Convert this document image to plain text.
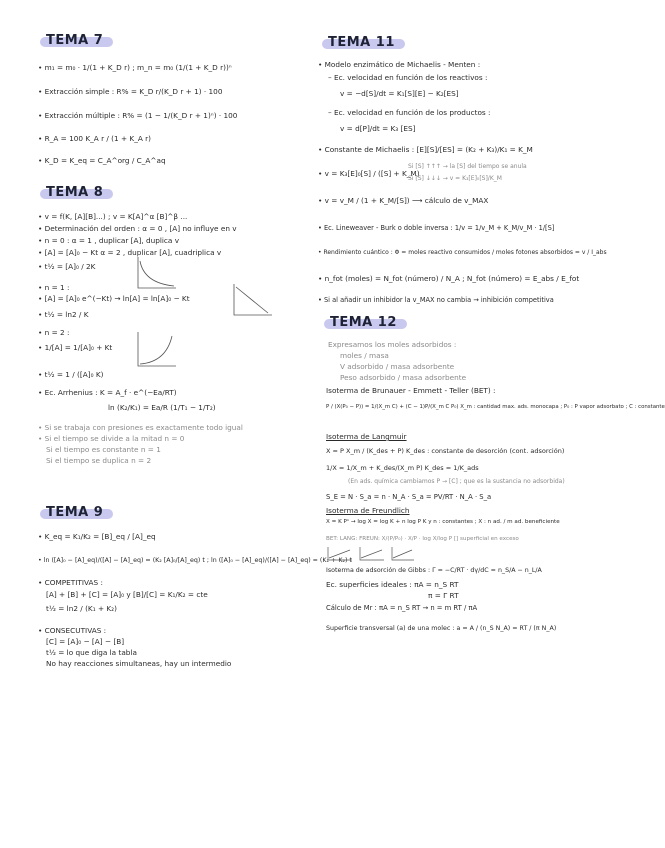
TEMA 7
• m₁ = m₀ · 1/(1 + K_D r) ; m_n = m₀ (1/(1 + K_D r))ⁿ
• Extracción simple : R% = K_D r/(K_D r + 1) · 100
• Extracción múltiple : R% = (1 − 1/(K_D r + 1)ⁿ) · 100
• R_A = 100 K_A r / (1 + K_A r)
• K_D = K_eq = C_A^org / C_A^aq
TEMA 8
• v = f(K, [A][B]...) ; v = K[A]^α [B]^β ...
• Determinación del orden : α = 0 , [A] no influye en v
• n = 0 : α = 1 , duplicar [A], duplica v
• [A] = [A]₀ − Kt α = 2 , duplicar [A], cuadriplica v
• t½ = [A]₀ / 2K
• n = 1 :
• [A] = [A]₀ e^(−Kt) → ln[A] = ln[A]₀ − Kt
• t½ = ln2 / K
• n = 2 :
• 1/[A] = 1/[A]₀ + Kt
• t½ = 1 / ([A]₀ K)
• Ec. Arrhenius : K = A_f · e^(−Ea/RT)
ln (K₂/K₁) = Ea/R (1/T₁ − 1/T₂)
• Si se trabaja con presiones es exactamente todo igual
• Si el tiempo se divide a la mitad n = 0
Si el tiempo es constante n = 1
Si el tiempo se duplica n = 2
TEMA 9
• K_eq = K₁/K₂ = [B]_eq / [A]_eq
• ln ([A]₀ − [A]_eq)/([A] − [A]_eq) = (K₂ [A]₀/[A]_eq) t ; ln ([A]₀ − [A]_eq)/([A] − [A]_eq) = (K₁ + K₂) t
• COMPETITIVAS :
[A] + [B] + [C] = [A]₀ y [B]/[C] = K₁/K₂ = cte
t½ = ln2 / (K₁ + K₂)
• CONSECUTIVAS :
[C] = [A]₀ − [A] − [B]
t½ = lo que diga la tabla
No hay reacciones simultaneas, hay un intermedio
TEMA 11
• Modelo enzimático de Michaelis - Menten :
– Ec. velocidad en función de los reactivos :
v = −d[S]/dt = K₁[S][E] − K₂[ES]
– Ec. velocidad en función de los productos :
v = d[P]/dt = K₃ [ES]
• Constante de Michaelis : [E][S]/[ES] = (K₂ + K₃)/K₁ = K_M
• v = K₃[E]₀[S] / ([S] + K_M)
Si [S] ↑↑↑ → la [S] del tiempo se anula
Si [S] ↓↓↓ → v = K₃[E]₀[S]/K_M
• v = v_M / (1 + K_M/[S]) ⟶ cálculo de v_MAX
• Ec. Lineweaver - Burk o doble inversa : 1/v = 1/v_M + K_M/v_M · 1/[S]
• Rendimiento cuántico : Φ = moles reactivo consumidos / moles fotones absorbidos = v / I_abs
• n_fot (moles) = N_fot (número) / N_A ; N_fot (número) = E_abs / E_fot
• Si al añadir un inhibidor la v_MAX no cambia → inhibición competitiva
TEMA 12
Expresamos los moles adsorbidos :
moles / masa
V adsorbido / masa adsorbente
Peso adsorbido / masa adsorbente
Isoterma de Brunauer - Emmett - Teller (BET) :
P / (X(P₀ − P)) = 1/(X_m C) + (C − 1)P/(X_m C P₀) X_m : cantidad max. ads. monocapa ; P₀ : P vapor adsorbato ; C : constante
Isoterma de Langmuir
X = P X_m / (K_des + P) K_des : constante de desorción (cont. adsorción)
1/X = 1/X_m + K_des/(X_m P) K_des = 1/K_ads
(En ads. química cambiamos P → [C] ; que es la sustancia no adsorbida)
S_E = N · S_a = n · N_A · S_a = PV/RT · N_A · S_a
Isoterma de Freundlich
X = K Pⁿ → log X = log K + n log P K y n : constantes ; X : n ad. / m ad. beneficiente
BET: LANG: FREUN: X/(P/P₀) · X/P · log X/log P [] superficial en exceso
Isoterma de adsorción de Gibbs : Γ = −C/RT · dγ/dC = n_S/A − n_L/A
Ec. superficies ideales : πA = n_S RT
π = Γ RT
Cálculo de Mr : πA = n_S RT → n = m RT / πA
Superficie transversal (a) de una molec : a = A / (n_S N_A) = RT / (π N_A)
